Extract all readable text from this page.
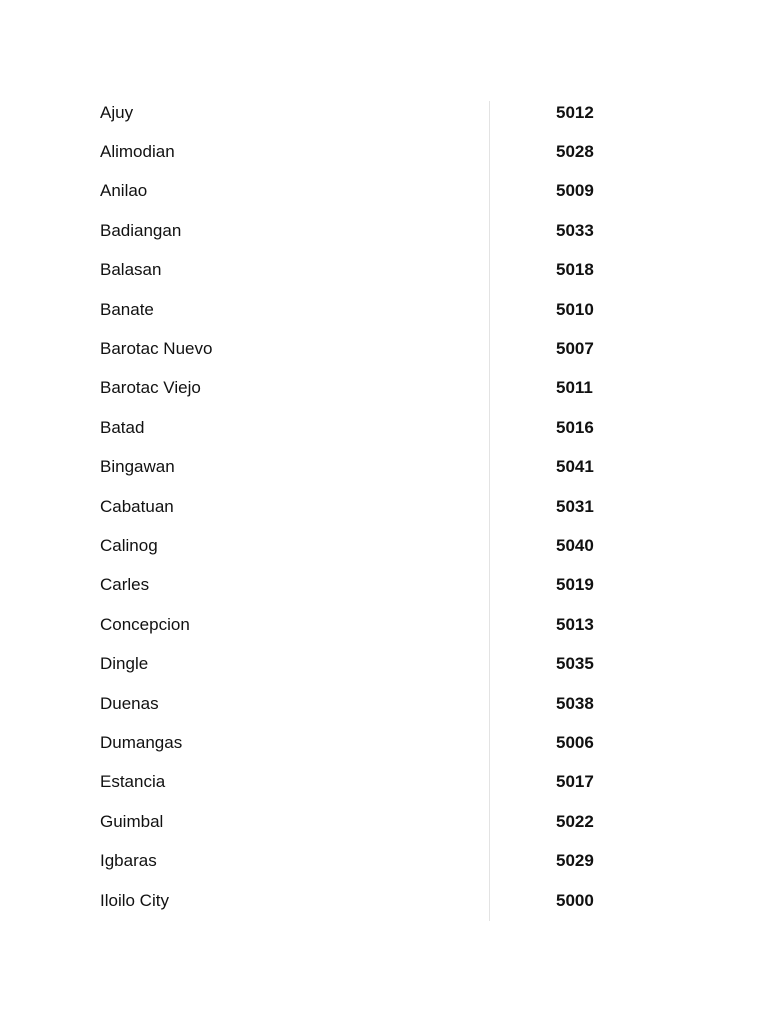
Ajuy	5012
Alimodian	5028
Anilao	5009
Badiangan	5033
Balasan	5018
Banate	5010
Barotac Nuevo	5007
Barotac Viejo	5011
Batad	5016
Bingawan	5041
Cabatuan	5031
Calinog	5040
Carles	5019
Concepcion	5013
Dingle	5035
Duenas	5038
Dumangas	5006
Estancia	5017
Guimbal	5022
Igbaras	5029
Iloilo City	5000
